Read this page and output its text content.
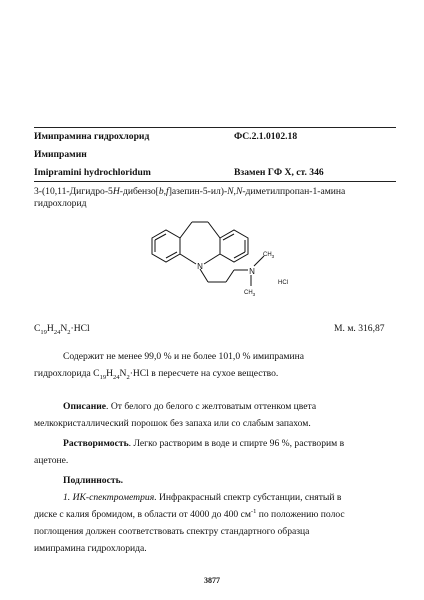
Имипрамина гидрохлорид	ФС.2.1.0102.18
Имипрамин
Imipramini hydrochloridum	Взамен ГФ X, ст. 346
3-(10,11-Дигидро-5H-дибензо[b,f]азепин-5-ил)-N,N-диметилпропан-1-амина
гидрохлорид
N
N
$CH_3$
$CH_3$
HCl
$C_{19}H_{24}N_2\cdot HCl$	М. м. 316,87
Содержит не менее 99,0 % и не более 101,0 % имипрамина
гидрохлорида $C_{19}H_{24}N_2\cdot HCl$ в пересчете на сухое вещество.
Описание. От белого до белого с желтоватым оттенком цвета
мелкокристаллический порошок без запаха или со слабым запахом.
Растворимость. Легко растворим в воде и спирте 96 %, растворим в
ацетоне.
Подлинность.
1. ИК-спектрометрия. Инфракрасный спектр субстанции, снятый в
диске с калия бромидом, в области от 4000 до 400 $см^{-1}$ по положению полос
поглощения должен соответствовать спектру стандартного образца
имипрамина гидрохлорида.
3877
